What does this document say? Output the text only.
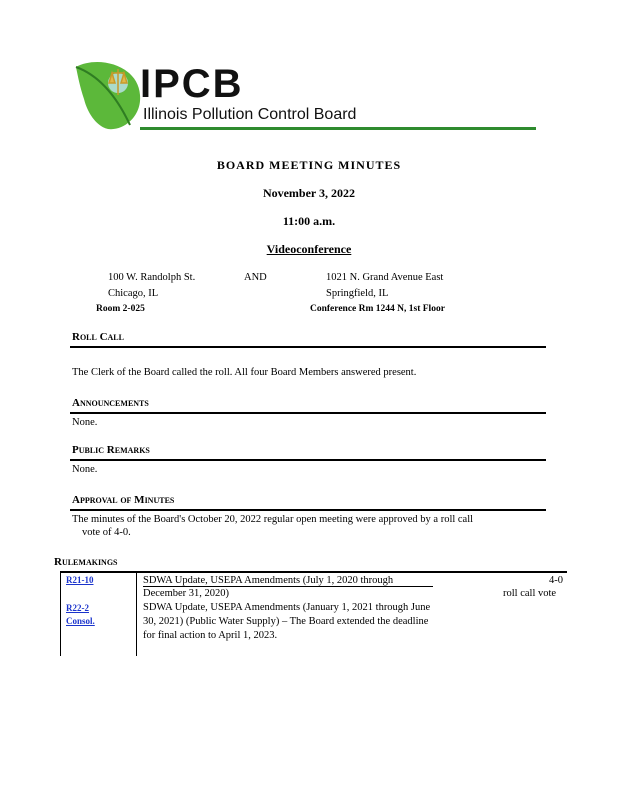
IPCB
Illinois Pollution Control Board
BOARD MEETING MINUTES
November 3, 2022
11:00 a.m.
Videoconference
100 W. Randolph St.
Chicago, IL
Room 2-025
AND	1021 N. Grand Avenue East
Springfield, IL
Conference Rm 1244 N, 1st Floor
Roll Call
The Clerk of the Board called the roll. All four Board Members answered present.
Announcements
None.
Public Remarks
None.
Approval of Minutes
The minutes of the Board's October 20, 2022 regular open meeting were approved by a roll call
vote of 4-0.
Rulemakings
R21-10	SDWA Update, USEPA Amendments (July 1, 2020 through
December 31, 2020)
4-0
roll call vote
R22-2
Consol.
SDWA Update, USEPA Amendments (January 1, 2021 through June
30, 2021) (Public Water Supply) – The Board extended the deadline
for final action to April 1, 2023.
